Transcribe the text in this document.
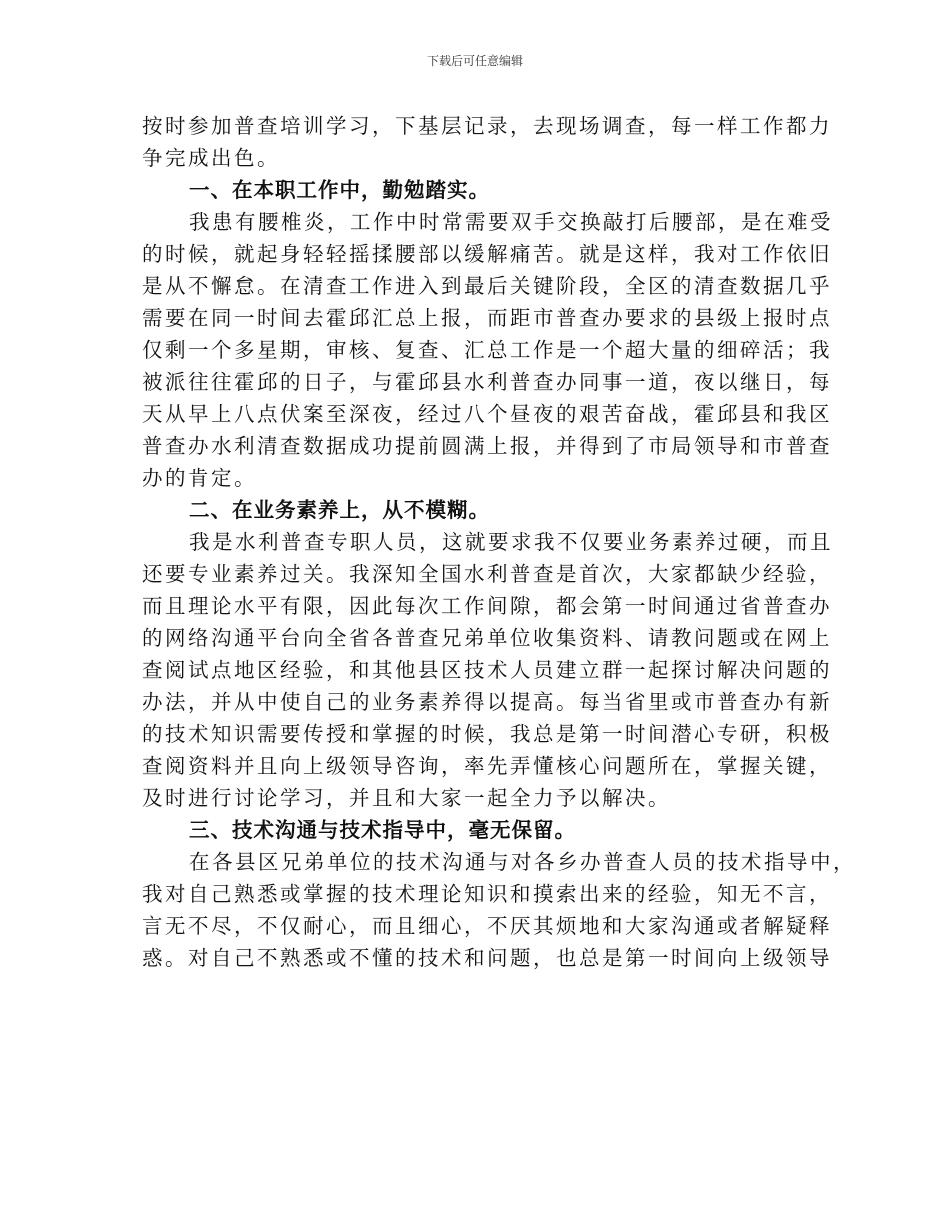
下载后可任意编辑
按时参加普查培训学习，下基层记录，去现场调查，每一样工作都力
争完成出色。
一、在本职工作中，勤勉踏实。
我患有腰椎炎，工作中时常需要双手交换敲打后腰部，是在难受
的时候，就起身轻轻摇揉腰部以缓解痛苦。就是这样，我对工作依旧
是从不懈怠。在清查工作进入到最后关键阶段，全区的清查数据几乎
需要在同一时间去霍邱汇总上报，而距市普查办要求的县级上报时点
仅剩一个多星期，审核、复查、汇总工作是一个超大量的细碎活；我
被派往往霍邱的日子，与霍邱县水利普查办同事一道，夜以继日，每
天从早上八点伏案至深夜，经过八个昼夜的艰苦奋战，霍邱县和我区
普查办水利清查数据成功提前圆满上报，并得到了市局领导和市普查
办的肯定。
二、在业务素养上，从不模糊。
我是水利普查专职人员，这就要求我不仅要业务素养过硬，而且
还要专业素养过关。我深知全国水利普查是首次，大家都缺少经验，
而且理论水平有限，因此每次工作间隙，都会第一时间通过省普查办
的网络沟通平台向全省各普查兄弟单位收集资料、请教问题或在网上
查阅试点地区经验，和其他县区技术人员建立群一起探讨解决问题的
办法，并从中使自己的业务素养得以提高。每当省里或市普查办有新
的技术知识需要传授和掌握的时候，我总是第一时间潜心专研，积极
查阅资料并且向上级领导咨询，率先弄懂核心问题所在，掌握关键，
及时进行讨论学习，并且和大家一起全力予以解决。
三、技术沟通与技术指导中，毫无保留。
在各县区兄弟单位的技术沟通与对各乡办普查人员的技术指导中，
我对自己熟悉或掌握的技术理论知识和摸索出来的经验，知无不言，
言无不尽，不仅耐心，而且细心，不厌其烦地和大家沟通或者解疑释
惑。对自己不熟悉或不懂的技术和问题，也总是第一时间向上级领导
